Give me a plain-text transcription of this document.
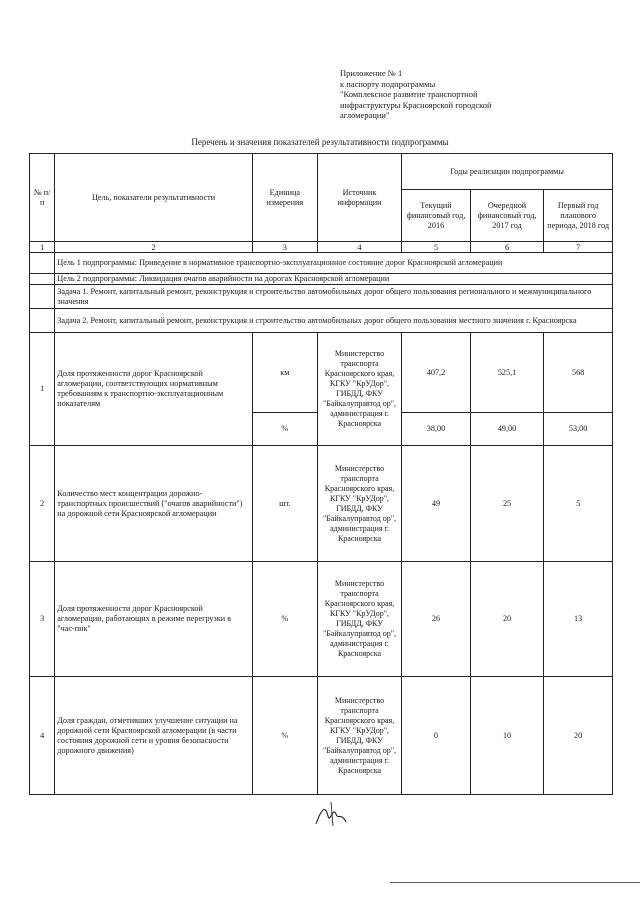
Приложение № 1
к паспорту подпрограммы
"Комплексное развитие транспортной
инфраструктуры Красноярской городской
агломерации"
Перечень и значения показателей результативности подпрограммы
№ п/п	Цель, показатели результативности	Единица измерения	Источник информации	Годы реализации подпрограммы		
				Текущий финансовый год, 2016	Очередной финансовый год, 2017 год	Первый год планового периода, 2018 год
1	2	3	4	5	6	7
	Цель 1 подпрограммы: Приведение в нормативное транспортно-эксплуатационное состояние дорог Красноярской агломерации					
	Цель 2 подпрограммы: Ликвидация очагов аварийности на дорогах Красноярской агломерации					
	Задача 1. Ремонт, капитальный ремонт, реконструкция и строительство автомобильных дорог общего пользования регионального и межмуниципального значения					
	Задача 2. Ремонт, капитальный ремонт, реконструкция и строительство автомобильных дорог общего пользования местного значения г. Красноярска					
1	Доля протяженности дорог Красноярской агломерации, соответствующих нормативным требованиям к транспортно-эксплуатационным показателям	км	Министерство транспорта Красноярского края, КГКУ "КрУДор", ГИБДД, ФКУ "Байкалуправтод ор", администрация г. Красноярска	407,2	525,1	568
		%		38,00	49,00	53,00
2	Количество мест концентрации дорожно-транспортных происшествий ("очагов аварийности") на дорожной сети Красноярской агломерации	шт.	Министерство транспорта Красноярского края, КГКУ "КрУДор", ГИБДД, ФКУ "Байкалуправтод ор", администрация г. Красноярска	49	25	5
3	Доля протяженности дорог Красноярской агломерации, работающих в режиме перегрузки в "час-пик"	%	Министерство транспорта Красноярского края, КГКУ "КрУДор", ГИБДД, ФКУ "Байкалуправтод ор", администрация г. Красноярска	26	20	13
4	Доля граждан, отметивших улучшение ситуации на дорожной сети Красноярской агломерации (в части состояния дорожной сети и уровня безопасности дорожного движения)	%	Министерство транспорта Красноярского края, КГКУ "КрУДор", ГИБДД, ФКУ "Байкалуправтод ор", администрация г. Красноярска	0	10	20
